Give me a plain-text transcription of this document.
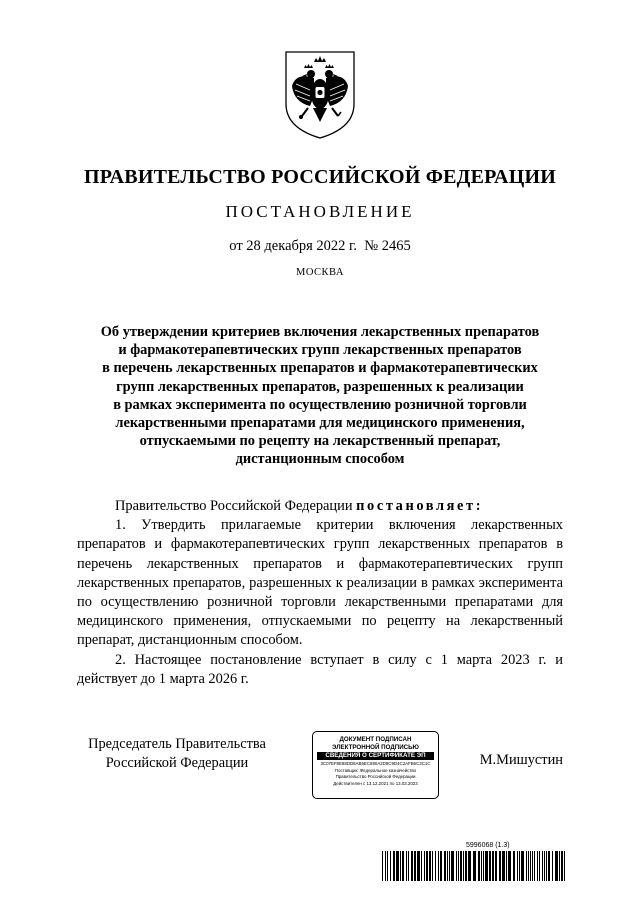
ПРАВИТЕЛЬСТВО РОССИЙСКОЙ ФЕДЕРАЦИИ
ПОСТАНОВЛЕНИЕ
от 28 декабря 2022 г.  № 2465
МОСКВА
Об утверждении критериев включения лекарственных препаратов
и фармакотерапевтических групп лекарственных препаратов
в перечень лекарственных препаратов и фармакотерапевтических
групп лекарственных препаратов, разрешенных к реализации
в рамках эксперимента по осуществлению розничной торговли
лекарственными препаратами для медицинского применения,
отпускаемыми по рецепту на лекарственный препарат,
дистанционным способом

Правительство Российской Федерации постановляет:

1. Утвердить прилагаемые критерии включения лекарственных препаратов и фармакотерапевтических групп лекарственных препаратов в перечень лекарственных препаратов и фармакотерапевтических групп лекарственных препаратов, разрешенных к реализации в рамках эксперимента по осуществлению розничной торговли лекарственными препаратами для медицинского применения, отпускаемыми по рецепту на лекарственный препарат, дистанционным способом.

2. Настоящее постановление вступает в силу с 1 марта 2023 г. и действует до 1 марта 2026 г.

Председатель Правительства
Российской Федерации
ДОКУМЕНТ ПОДПИСАН
ЭЛЕКТРОННОЙ ПОДПИСЬЮ
СВЕДЕНИЯ О СЕРТИФИКАТЕ ЭП
3C07EF8E88DD8AB6EC880A2D9C9D4C2AFB6C3C1C
Поставщик: Федеральное казначейство
Правительство Российской Федерации
Действителен с 13.12.2021 по 13.03.2023
М.Мишустин
5996068 (1.3)
